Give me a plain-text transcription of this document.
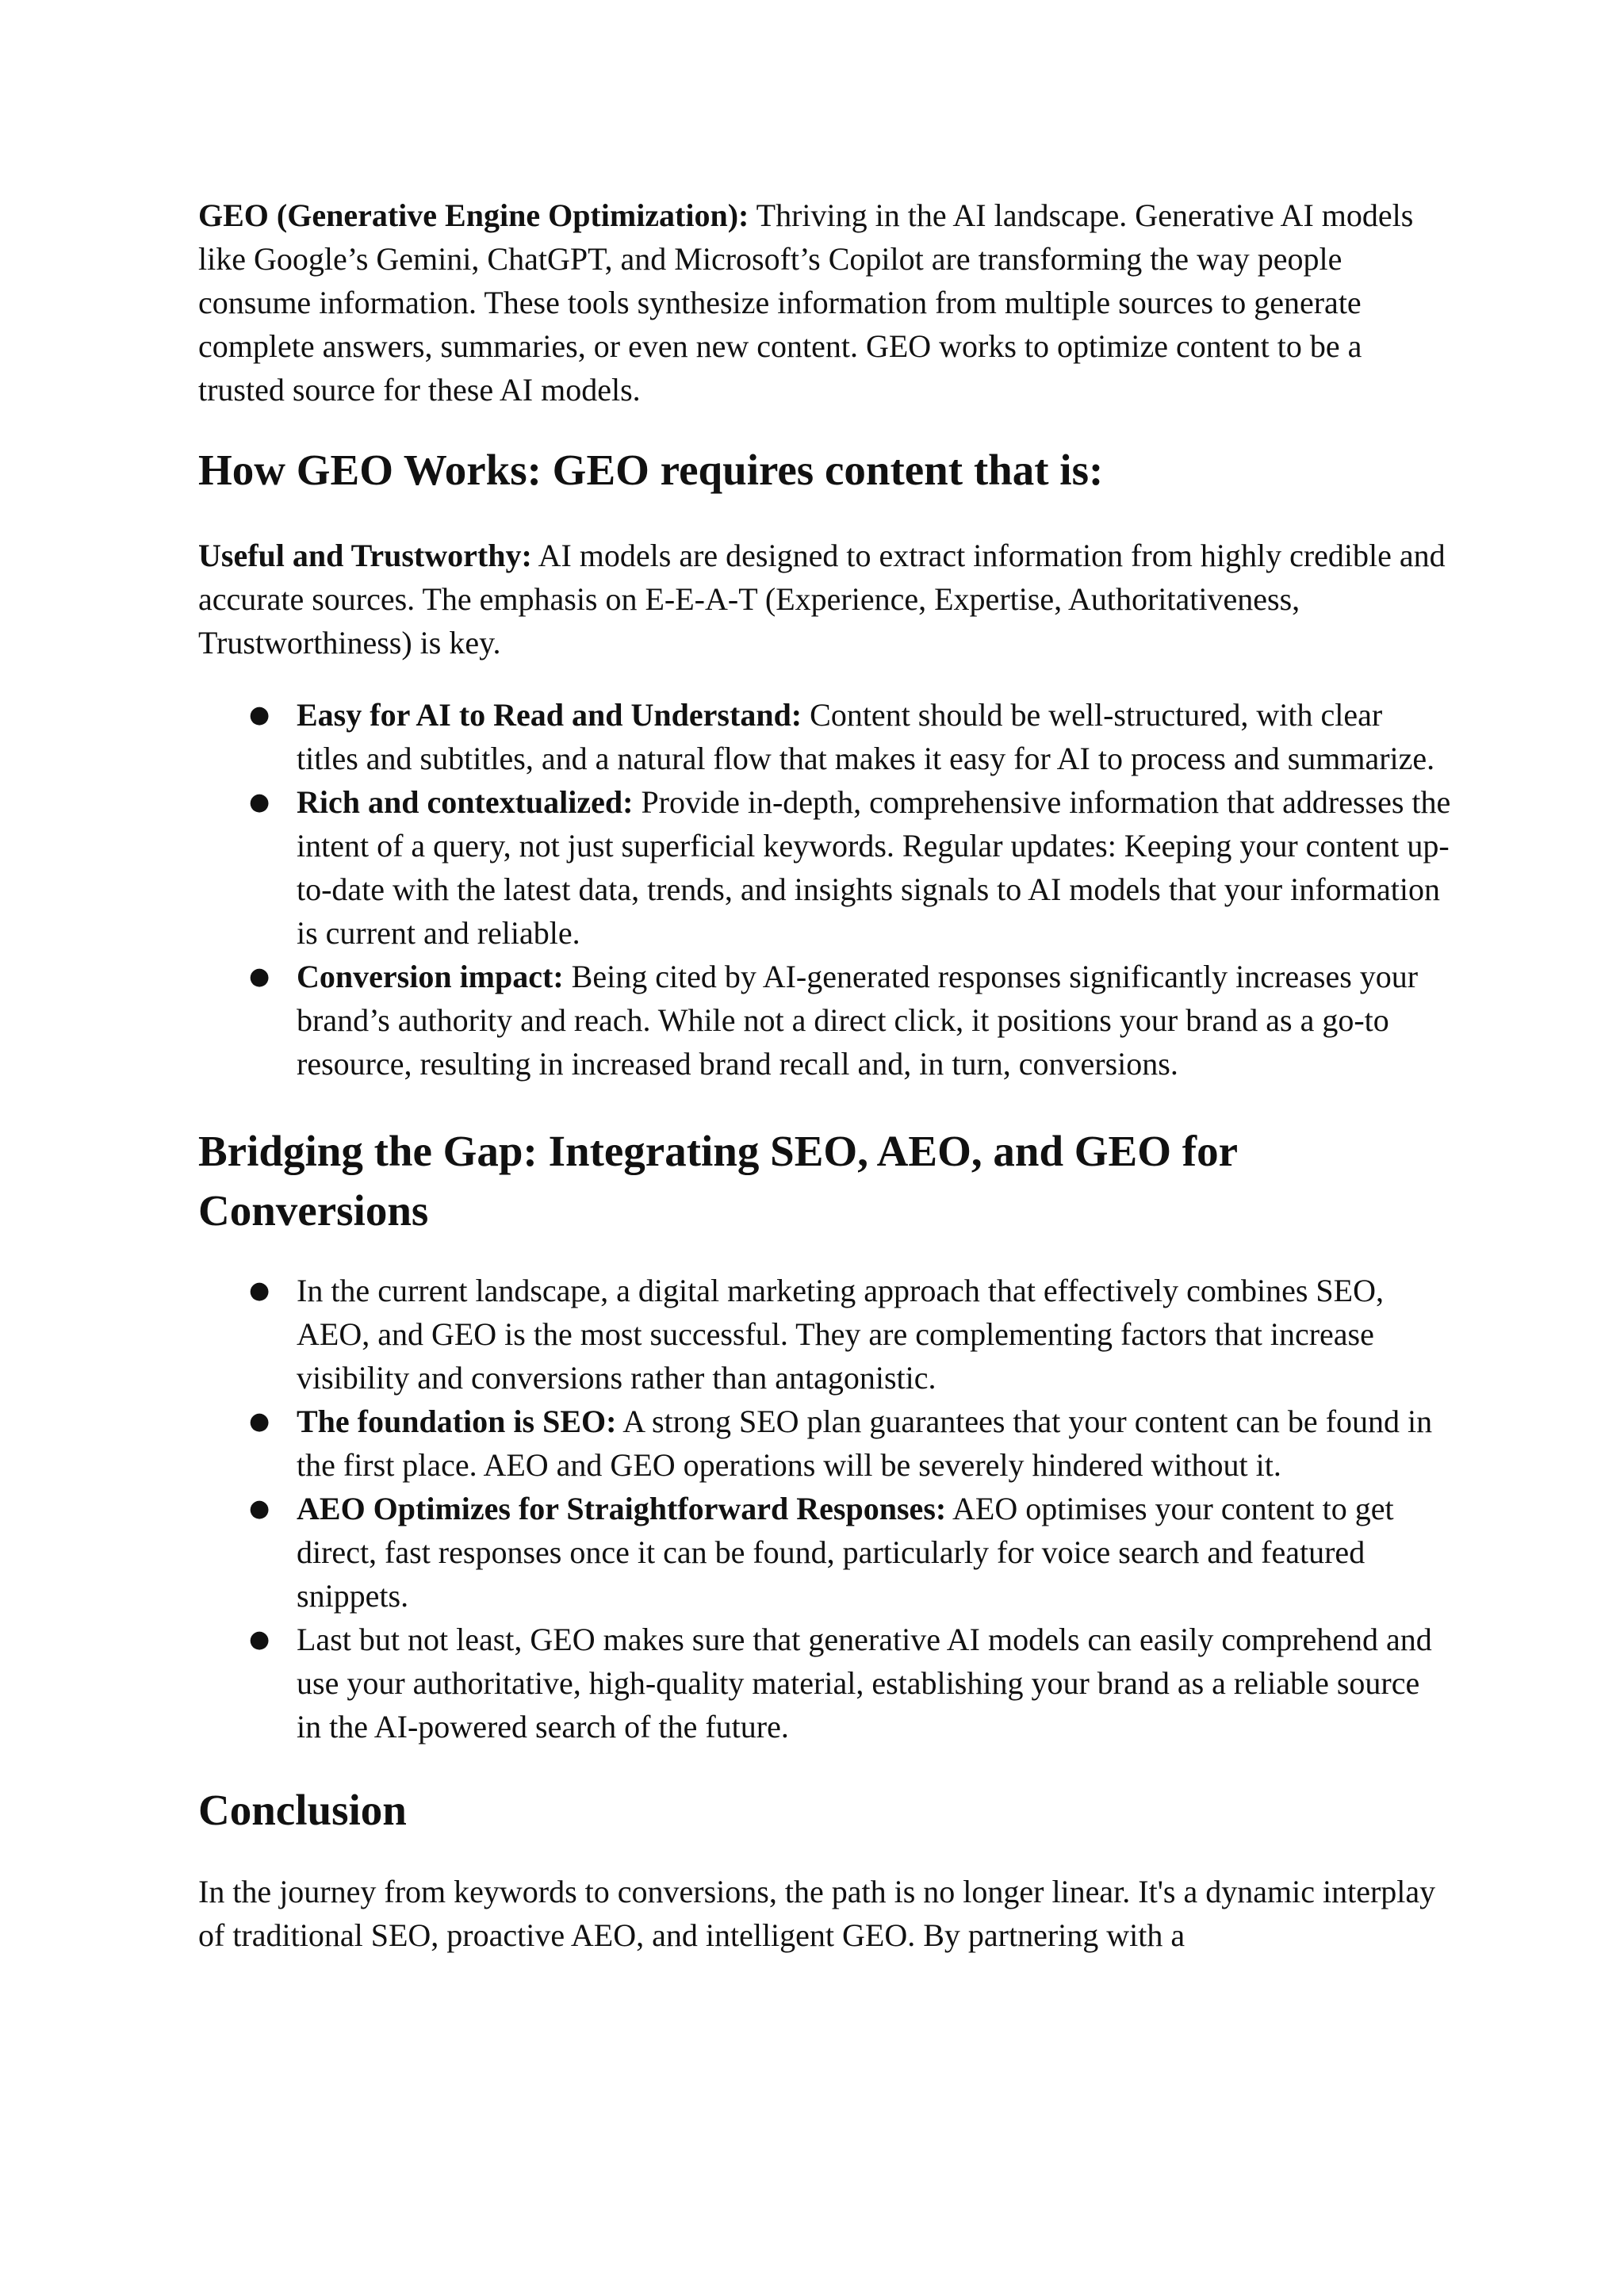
GEO (Generative Engine Optimization): Thriving in the AI landscape. Generative AI models like Google’s Gemini, ChatGPT, and Microsoft’s Copilot are transforming the way people consume information. These tools synthesize information from multiple sources to generate complete answers, summaries, or even new content. GEO works to optimize content to be a trusted source for these AI models.

How GEO Works: GEO requires content that is:

Useful and Trustworthy: AI models are designed to extract information from highly credible and accurate sources. The emphasis on E-E-A-T (Experience, Expertise, Authoritativeness, Trustworthiness) is key.

● Easy for AI to Read and Understand: Content should be well-structured, with clear titles and subtitles, and a natural flow that makes it easy for AI to process and summarize.
● Rich and contextualized: Provide in-depth, comprehensive information that addresses the intent of a query, not just superficial keywords. Regular updates: Keeping your content up-to-date with the latest data, trends, and insights signals to AI models that your information is current and reliable.
● Conversion impact: Being cited by AI-generated responses significantly increases your brand’s authority and reach. While not a direct click, it positions your brand as a go-to resource, resulting in increased brand recall and, in turn, conversions.
Bridging the Gap: Integrating SEO, AEO, and GEO for Conversions
● In the current landscape, a digital marketing approach that effectively combines SEO, AEO, and GEO is the most successful. They are complementing factors that increase visibility and conversions rather than antagonistic.
● The foundation is SEO: A strong SEO plan guarantees that your content can be found in the first place. AEO and GEO operations will be severely hindered without it.
● AEO Optimizes for Straightforward Responses: AEO optimises your content to get direct, fast responses once it can be found, particularly for voice search and featured snippets.
● Last but not least, GEO makes sure that generative AI models can easily comprehend and use your authoritative, high-quality material, establishing your brand as a reliable source in the AI-powered search of the future.
Conclusion

In the journey from keywords to conversions, the path is no longer linear. It's a dynamic interplay of traditional SEO, proactive AEO, and intelligent GEO. By partnering with a
